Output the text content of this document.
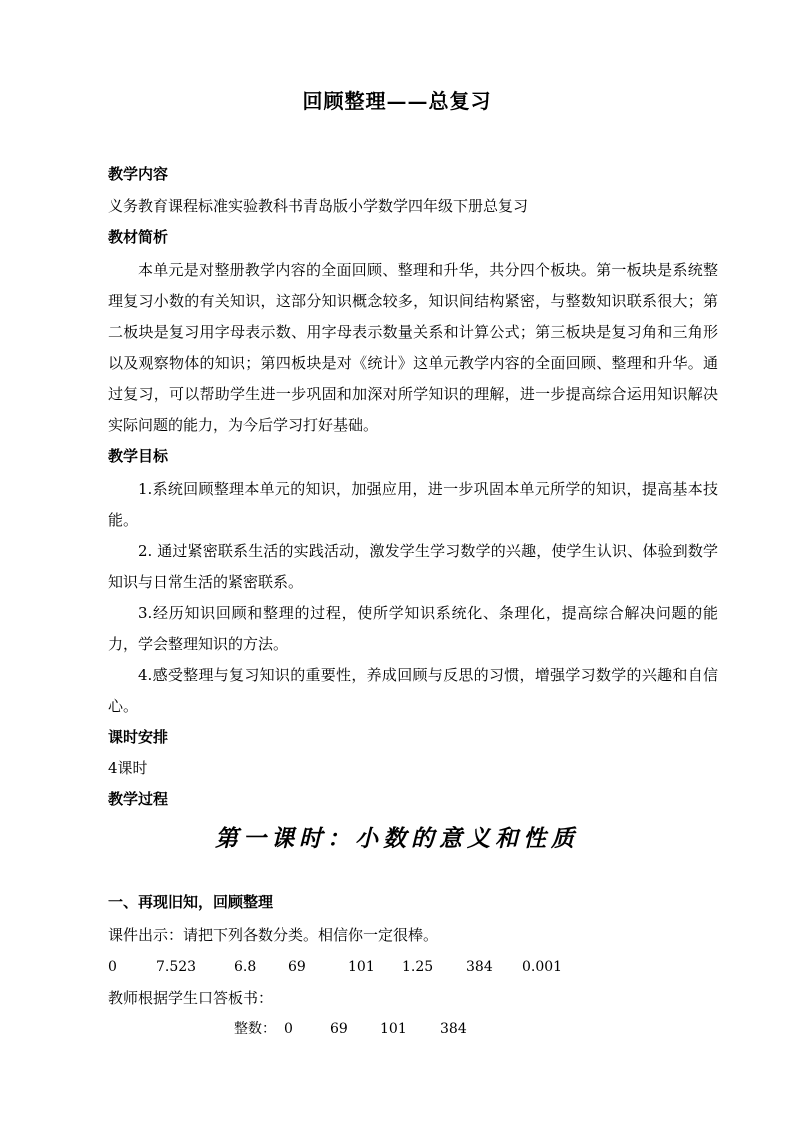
回顾整理——总复习
教学内容
义务教育课程标准实验教科书青岛版小学数学四年级下册总复习
教材简析
本单元是对整册教学内容的全面回顾、整理和升华，共分四个板块。第一板块是系统整理复习小数的有关知识，这部分知识概念较多，知识间结构紧密，与整数知识联系很大；第二板块是复习用字母表示数、用字母表示数量关系和计算公式；第三板块是复习角和三角形以及观察物体的知识；第四板块是对《统计》这单元教学内容的全面回顾、整理和升华。通过复习，可以帮助学生进一步巩固和加深对所学知识的理解，进一步提高综合运用知识解决实际问题的能力，为今后学习打好基础。
教学目标
1.系统回顾整理本单元的知识，加强应用，进一步巩固本单元所学的知识，提高基本技能。
2. 通过紧密联系生活的实践活动，激发学生学习数学的兴趣，使学生认识、体验到数学知识与日常生活的紧密联系。
3.经历知识回顾和整理的过程，使所学知识系统化、条理化，提高综合解决问题的能力，学会整理知识的方法。
4.感受整理与复习知识的重要性，养成回顾与反思的习惯，增强学习数学的兴趣和自信心。
课时安排
4课时
教学过程
第一课时：小数的意义和性质
一、再现旧知，回顾整理
课件出示：请把下列各数分类。相信你一定很棒。
0	7.523	6.8 69	101 1.25 384 0.001
教师根据学生口答板书：
整数： 0	69 101 384
